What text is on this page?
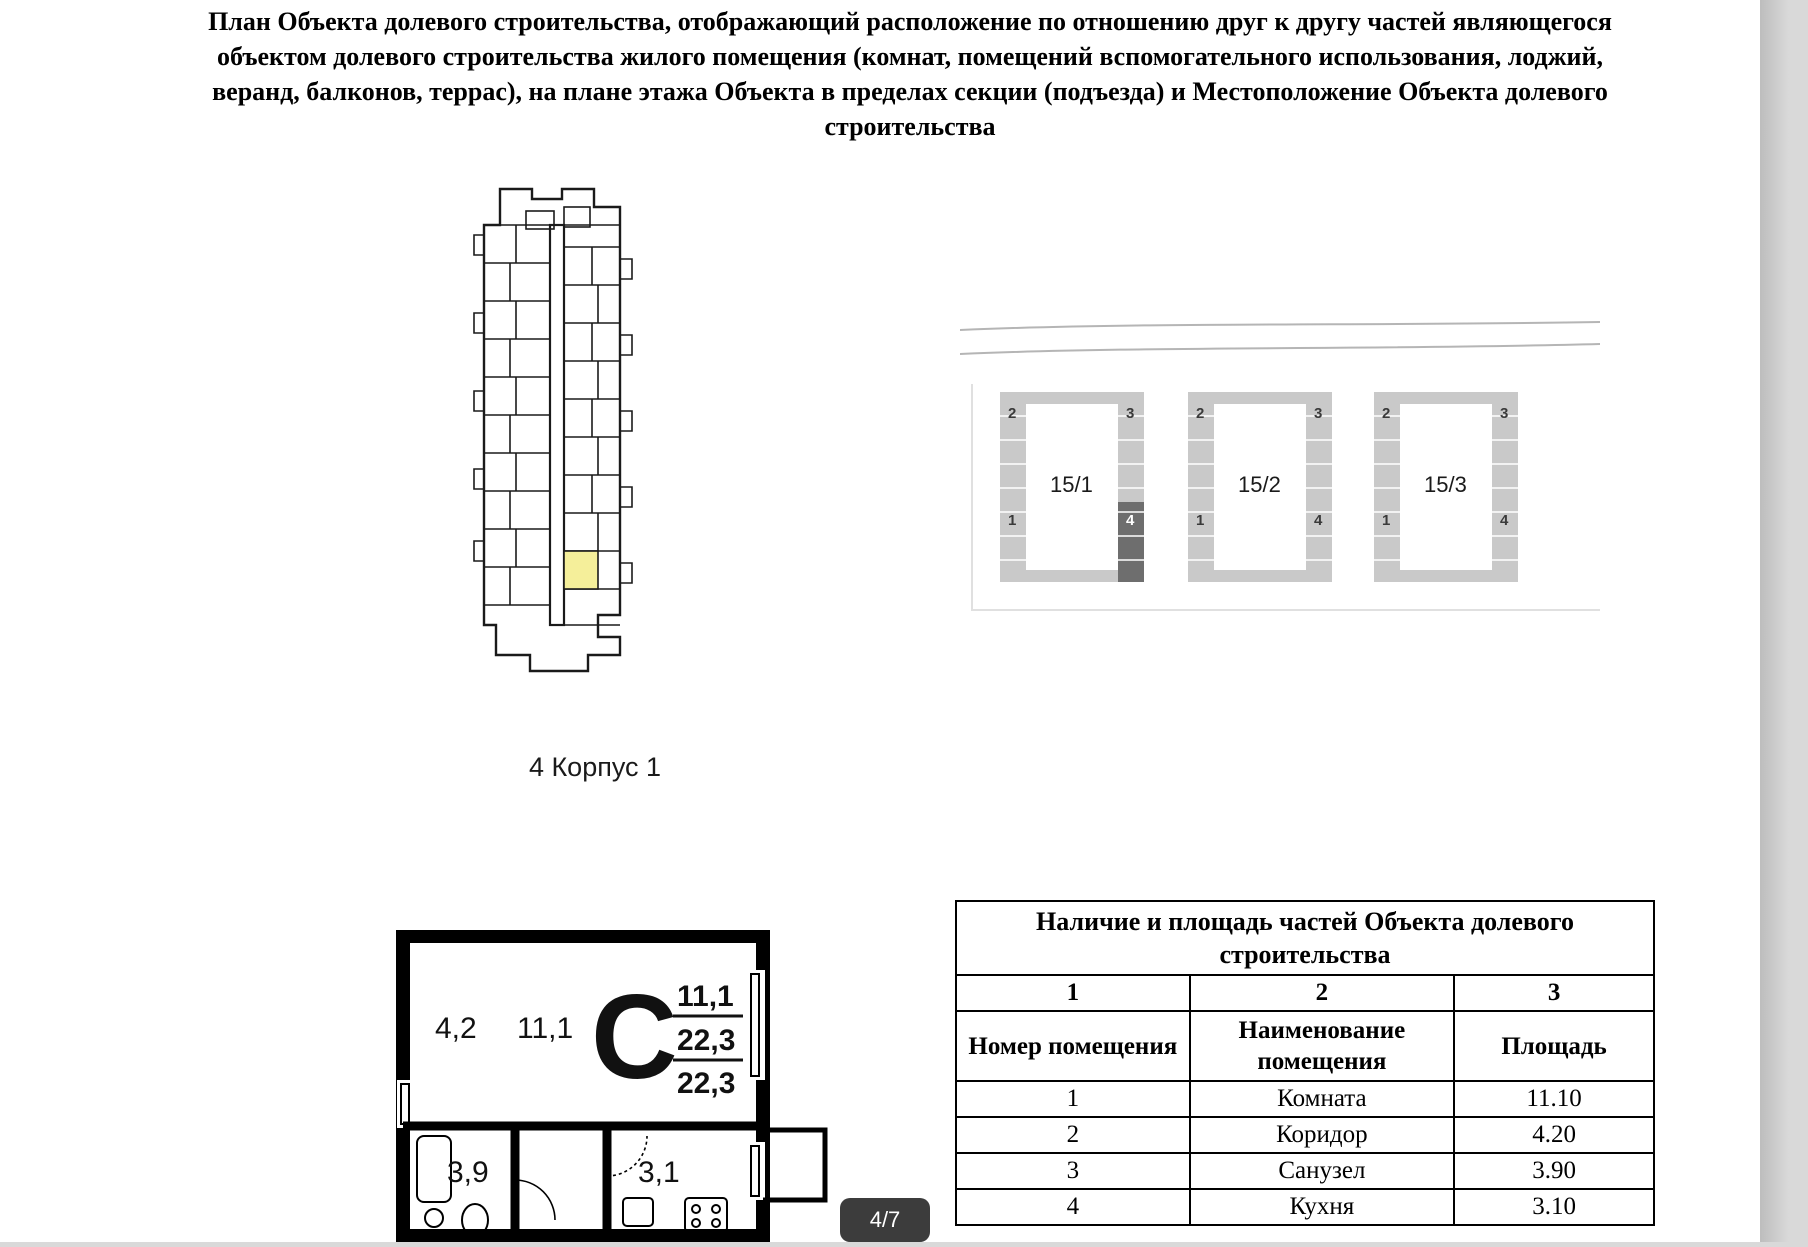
План Объекта долевого строительства, отображающий расположение по отношению друг к другу частей являющегося объектом долевого строительства жилого помещения (комнат, помещений вспомогательного использования, лоджий, веранд, балконов, террас), на плане этажа Объекта в пределах секции (подъезда) и Местоположение Объекта долевого строительства
4 Корпус 1
2	3
1	4
15/1
2	3
1	4
15/2
2	3
1	4
15/3
4,2 11,1
3,9	3,1
C 11,1
22,3
22,3
Наличие и площадь частей Объекта долевого строительства		
1	2	3
Номер помещения	Наименование помещения	Площадь
1	Комната	11.10
2	Коридор	4.20
3	Санузел	3.90
4	Кухня	3.10
4/7
